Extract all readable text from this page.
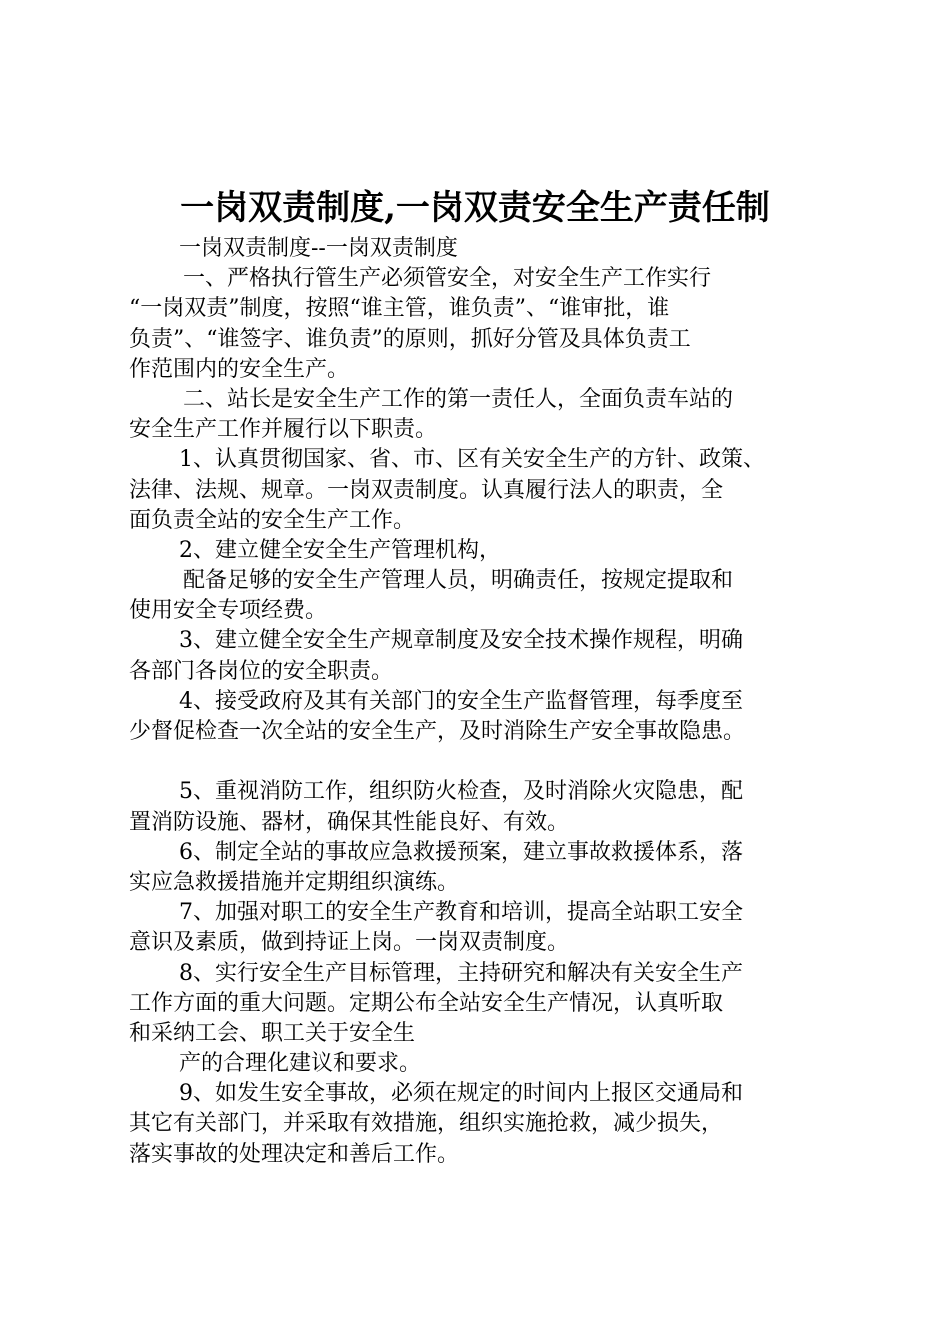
一岗双责制度,一岗双责安全生产责任制
一岗双责制度--一岗双责制度
一、严格执行管生产必须管安全，对安全生产工作实行
“一岗双责”制度，按照“谁主管，谁负责”、“谁审批，谁
负责”、“谁签字、谁负责”的原则，抓好分管及具体负责工
作范围内的安全生产。
二、站长是安全生产工作的第一责任人，全面负责车站的
安全生产工作并履行以下职责。
1、认真贯彻国家、省、市、区有关安全生产的方针、政策、
法律、法规、规章。一岗双责制度。认真履行法人的职责，全
面负责全站的安全生产工作。
2、建立健全安全生产管理机构，
配备足够的安全生产管理人员，明确责任，按规定提取和
使用安全专项经费。
3、建立健全安全生产规章制度及安全技术操作规程，明确
各部门各岗位的安全职责。
4、接受政府及其有关部门的安全生产监督管理，每季度至
少督促检查一次全站的安全生产，及时消除生产安全事故隐患。
5、重视消防工作，组织防火检查，及时消除火灾隐患，配
置消防设施、器材，确保其性能良好、有效。
6、制定全站的事故应急救援预案，建立事故救援体系，落
实应急救援措施并定期组织演练。
7、加强对职工的安全生产教育和培训，提高全站职工安全
意识及素质，做到持证上岗。一岗双责制度。
8、实行安全生产目标管理，主持研究和解决有关安全生产
工作方面的重大问题。定期公布全站安全生产情况，认真听取
和采纳工会、职工关于安全生
产的合理化建议和要求。
9、如发生安全事故，必须在规定的时间内上报区交通局和
其它有关部门，并采取有效措施，组织实施抢救，减少损失，
落实事故的处理决定和善后工作。
